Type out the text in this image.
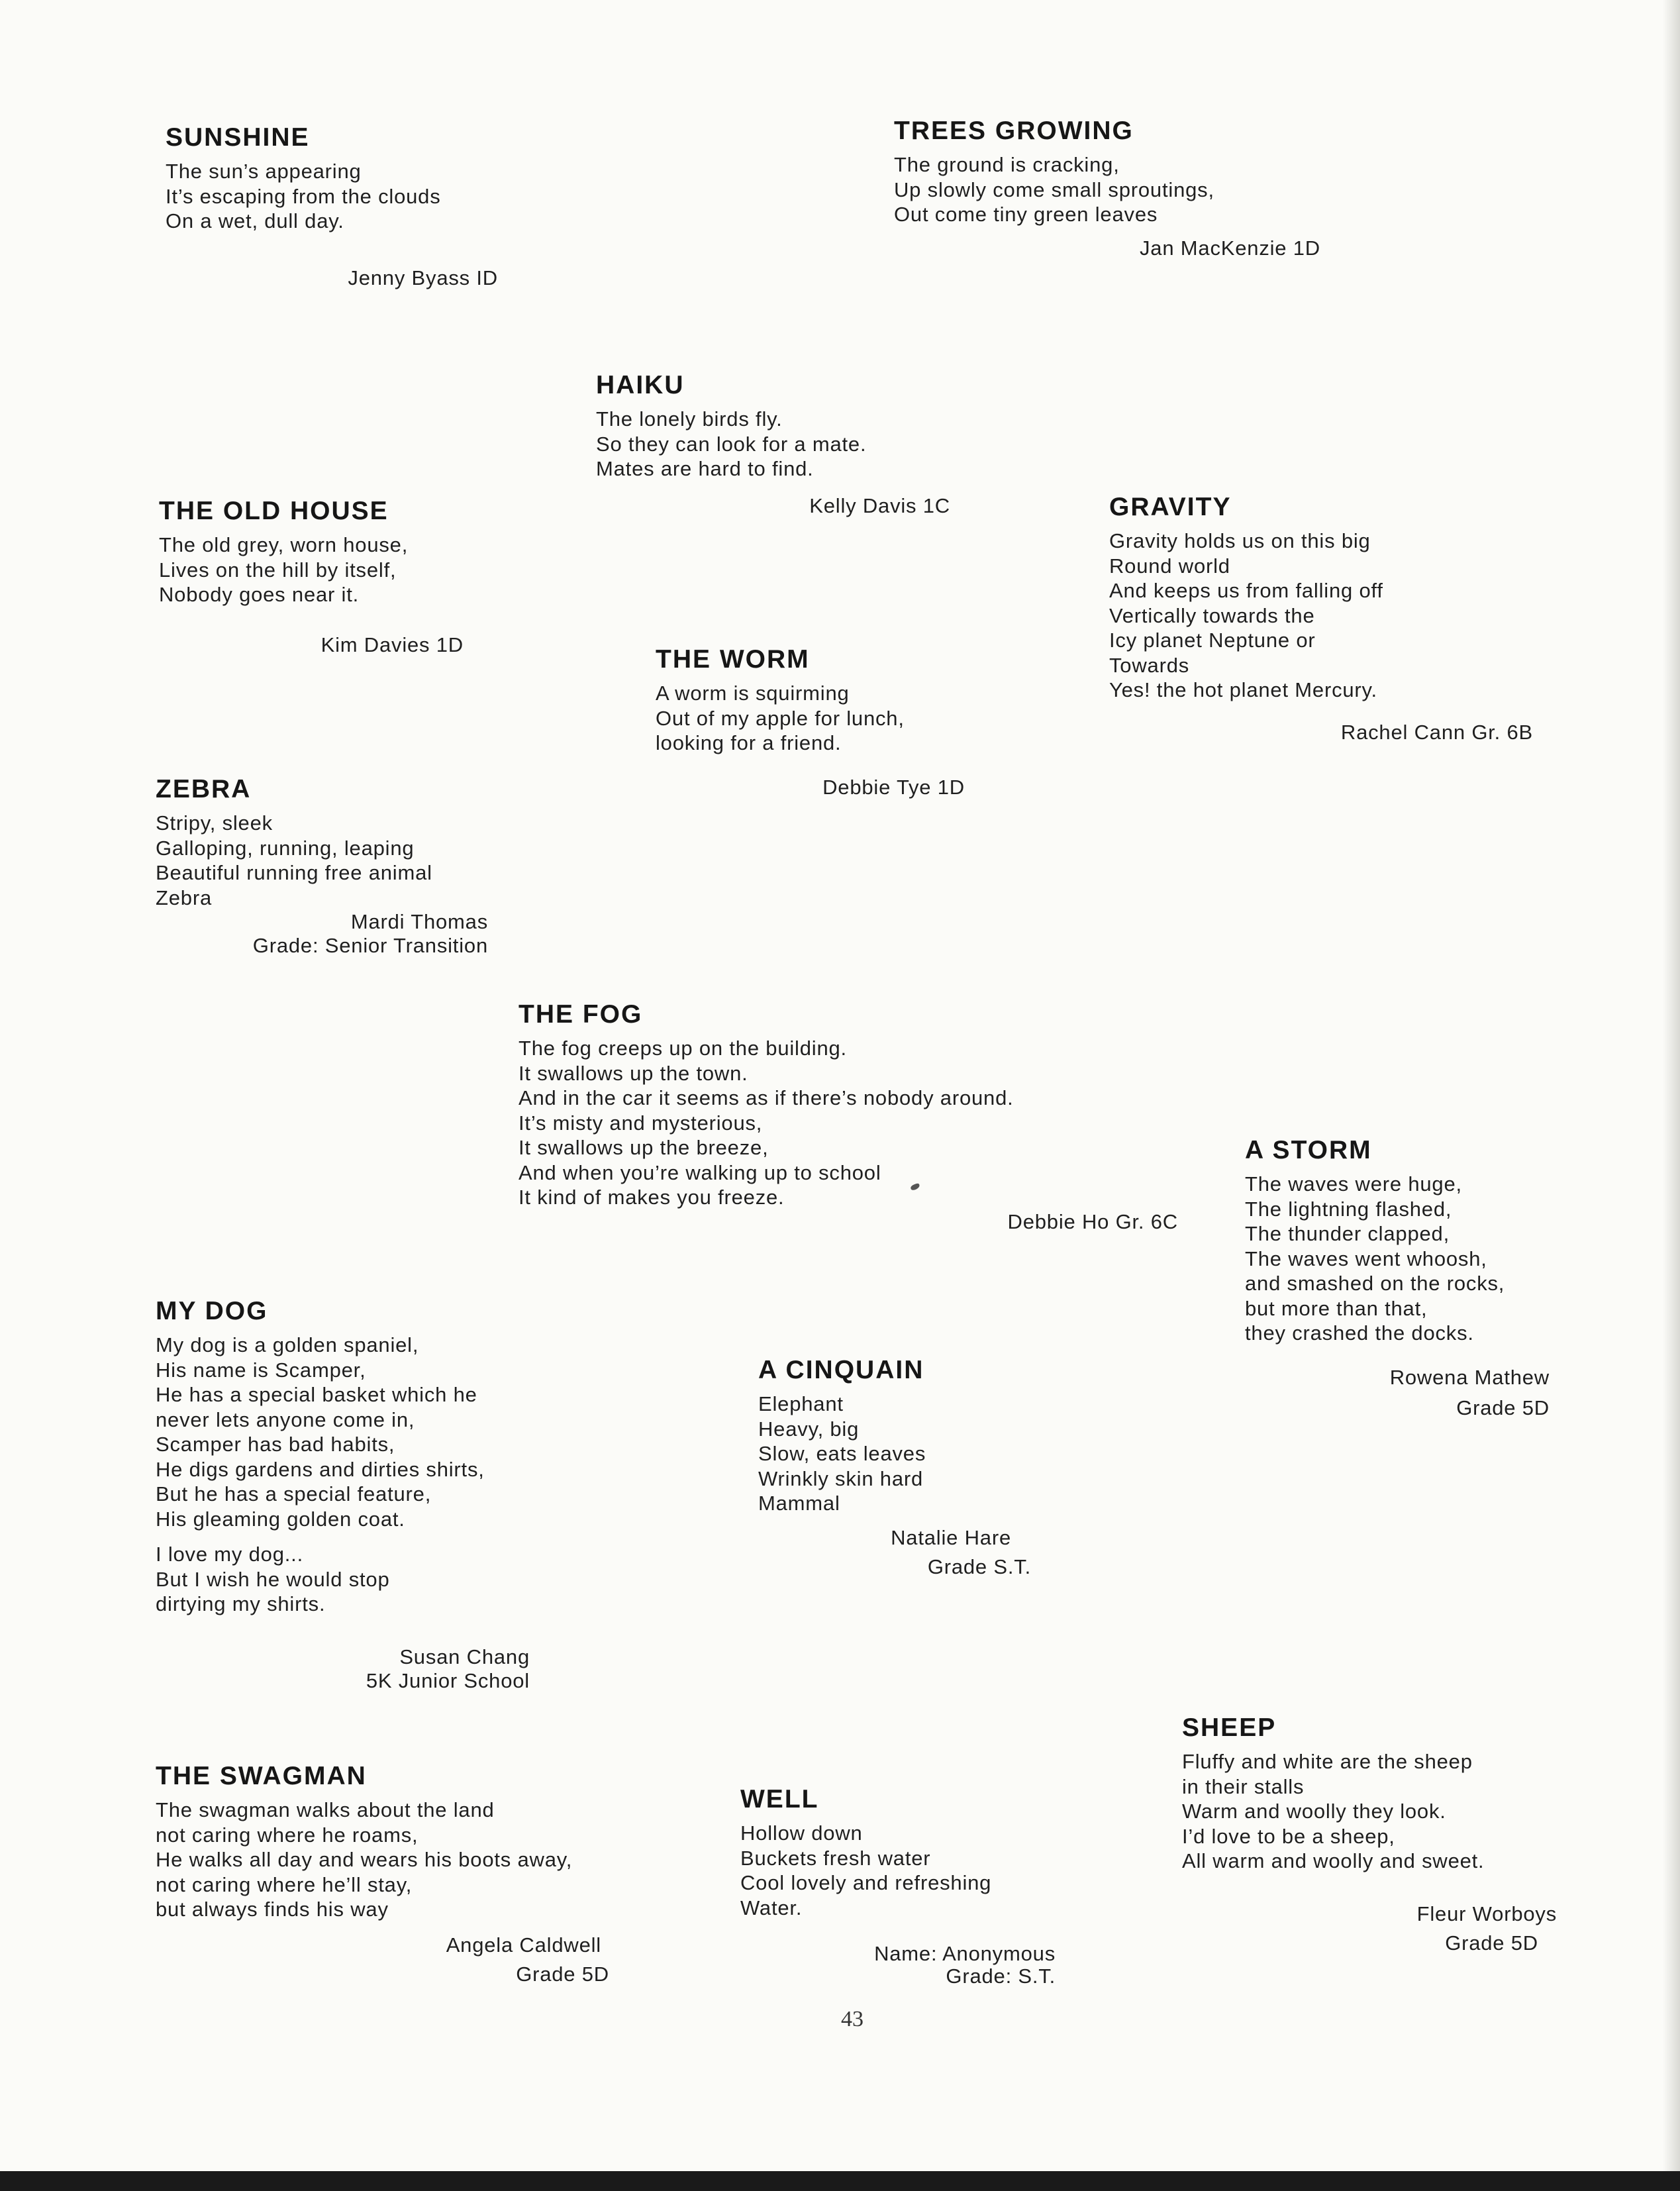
SUNSHINE
The sun’s appearing
It’s escaping from the clouds
On a wet, dull day.
Jenny Byass ID
TREES GROWING
The ground is cracking,
Up slowly come small sproutings,
Out come tiny green leaves
Jan MacKenzie 1D
HAIKU
The lonely birds fly.
So they can look for a mate.
Mates are hard to find.
Kelly Davis 1C
THE OLD HOUSE
The old grey, worn house,
Lives on the hill by itself,
Nobody goes near it.
Kim Davies 1D
GRAVITY
Gravity holds us on this big
Round world
And keeps us from falling off
Vertically towards the
Icy planet Neptune or
Towards
Yes! the hot planet Mercury.
Rachel Cann Gr. 6B
THE WORM
A worm is squirming
Out of my apple for lunch,
looking for a friend.
Debbie Tye 1D
ZEBRA
Stripy, sleek
Galloping, running, leaping
Beautiful running free animal
Zebra
Mardi Thomas
Grade: Senior Transition
THE FOG
The fog creeps up on the building.
It swallows up the town.
And in the car it seems as if there’s nobody around.
It’s misty and mysterious,
It swallows up the breeze,
And when you’re walking up to school
It kind of makes you freeze.
Debbie Ho Gr. 6C
A STORM
The waves were huge,
The lightning flashed,
The thunder clapped,
The waves went whoosh,
and smashed on the rocks,
but more than that,
they crashed the docks.
Rowena Mathew
Grade 5D
MY DOG
My dog is a golden spaniel,
His name is Scamper,
He has a special basket which he
never lets anyone come in,
Scamper has bad habits,
He digs gardens and dirties shirts,
But he has a special feature,
His gleaming golden coat.
I love my dog...
But I wish he would stop
dirtying my shirts.
Susan Chang
5K Junior School
A CINQUAIN
Elephant
Heavy, big
Slow, eats leaves
Wrinkly skin hard
Mammal
Natalie Hare
Grade S.T.
SHEEP
Fluffy and white are the sheep
in their stalls
Warm and woolly they look.
I’d love to be a sheep,
All warm and woolly and sweet.
Fleur Worboys
Grade 5D
THE SWAGMAN
The swagman walks about the land
not caring where he roams,
He walks all day and wears his boots away,
not caring where he’ll stay,
but always finds his way
Angela Caldwell
Grade 5D
WELL
Hollow down
Buckets fresh water
Cool lovely and refreshing
Water.
Name: Anonymous
Grade: S.T.
43
